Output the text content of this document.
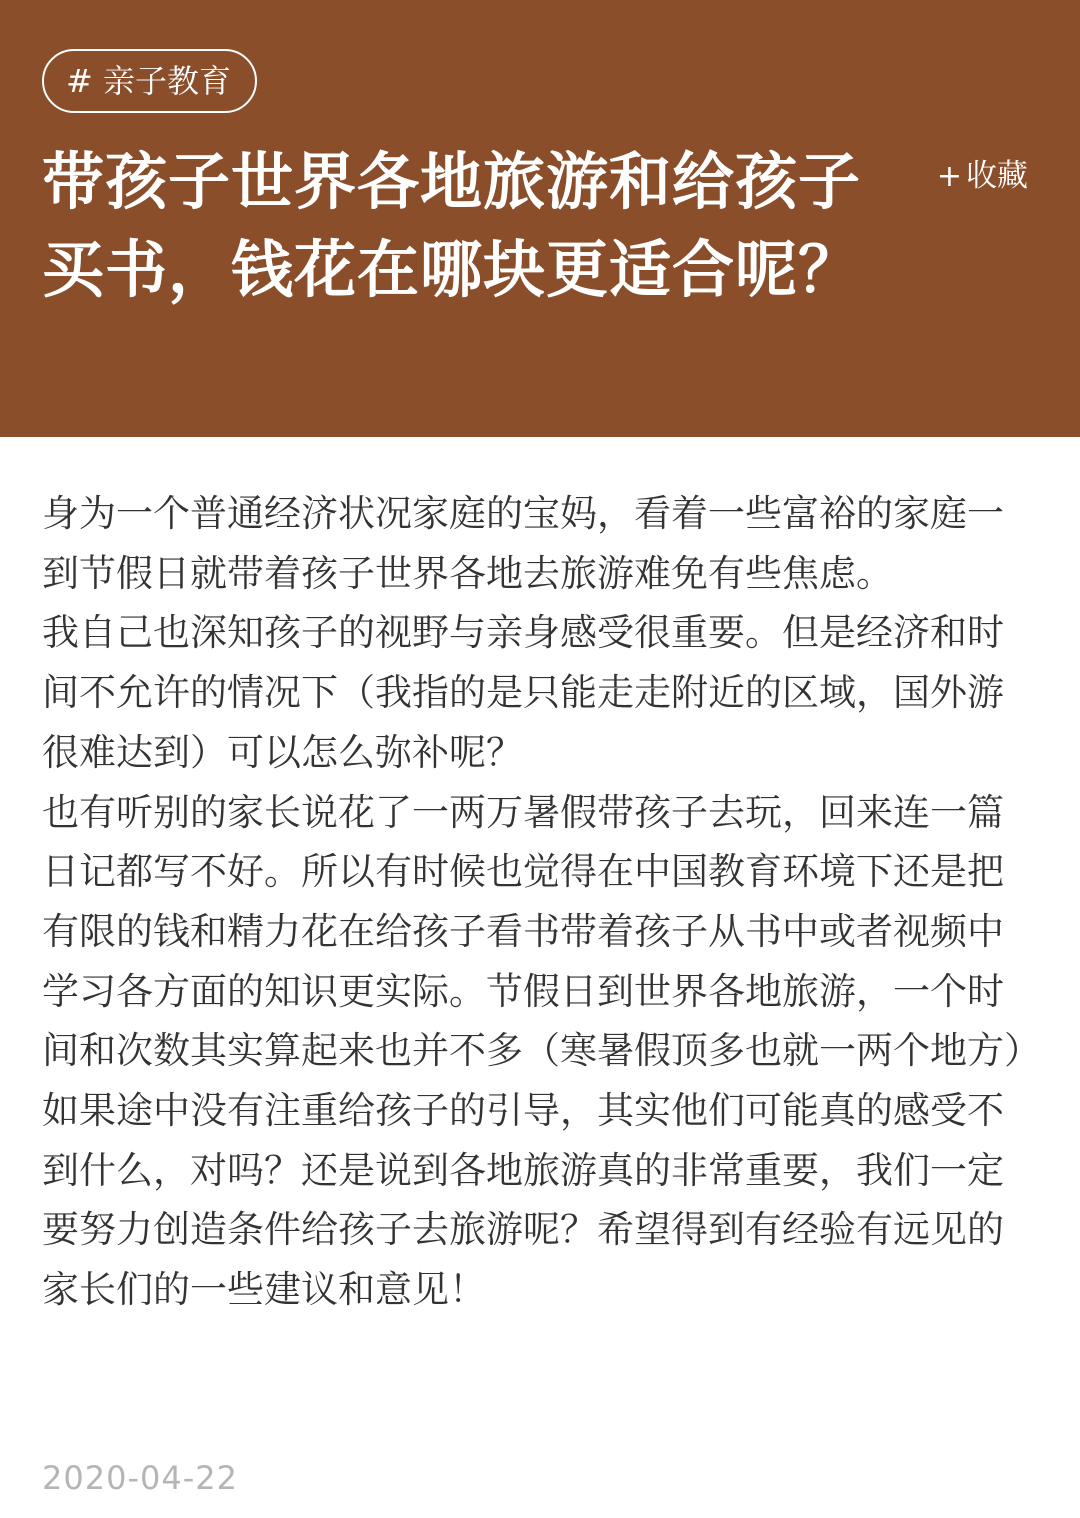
# 亲子教育
带孩子世界各地旅游和给孩子买书，钱花在哪块更适合呢？
+ 收藏

身为一个普通经济状况家庭的宝妈，看着一些富裕的家庭一到节假日就带着孩子世界各地去旅游难免有些焦虑。

我自己也深知孩子的视野与亲身感受很重要。但是经济和时间不允许的情况下（我指的是只能走走附近的区域，国外游很难达到）可以怎么弥补呢？

也有听别的家长说花了一两万暑假带孩子去玩，回来连一篇日记都写不好。所以有时候也觉得在中国教育环境下还是把有限的钱和精力花在给孩子看书带着孩子从书中或者视频中学习各方面的知识更实际。节假日到世界各地旅游，一个时间和次数其实算起来也并不多（寒暑假顶多也就一两个地方）

如果途中没有注重给孩子的引导，其实他们可能真的感受不到什么，对吗？还是说到各地旅游真的非常重要，我们一定要努力创造条件给孩子去旅游呢？希望得到有经验有远见的家长们的一些建议和意见！

2020-04-22
